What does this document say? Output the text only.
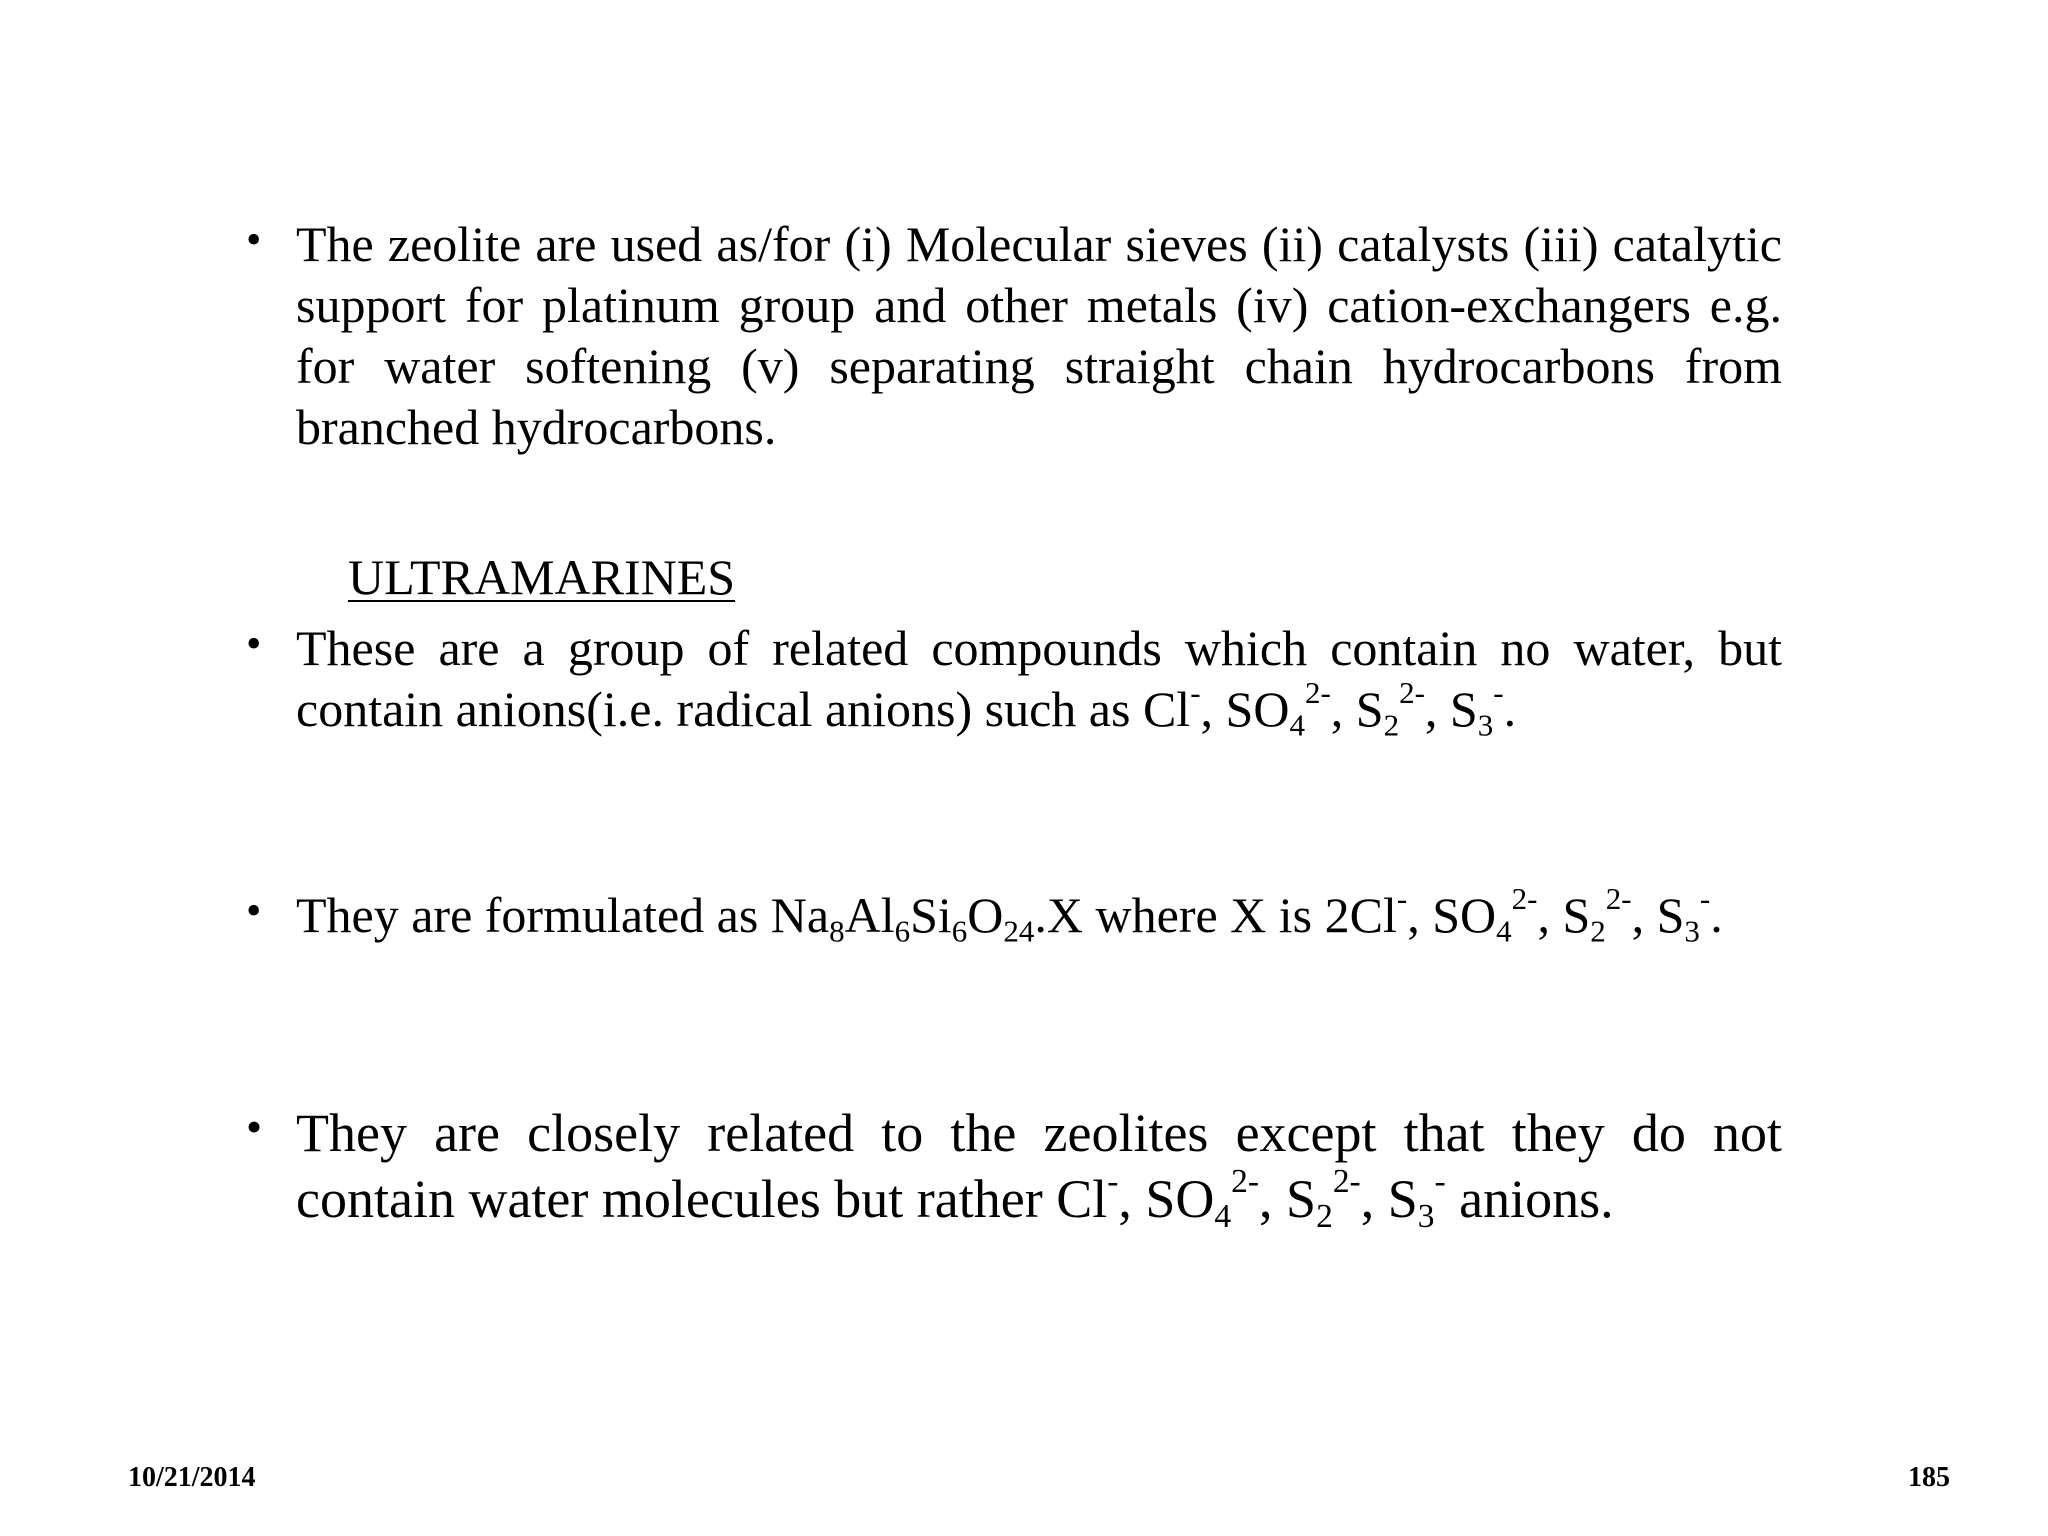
• The zeolite are used as/for (i) Molecular sieves (ii) catalysts (iii) catalytic support for platinum group and other metals (iv) cation-exchangers e.g. for water softening (v) separating straight chain hydrocarbons from branched hydrocarbons.

ULTRAMARINES
• These are a group of related compounds which contain no water, but contain anions(i.e. radical anions) such as Cl-, $SO_4^{2-}$, $S_2^{2-}$, $S_3^-$.

• They are formulated as $Na_8Al_6Si_6O_{24}.X$ where X is 2Cl-, $SO_4^{2-}$, $S_2^{2-}$, $S_3^-$.

• They are closely related to the zeolites except that they do not contain water molecules but rather Cl-, $SO_4^{2-}$, $S_2^{2-}$, $S_3^-$ anions.

10/21/2014	185
